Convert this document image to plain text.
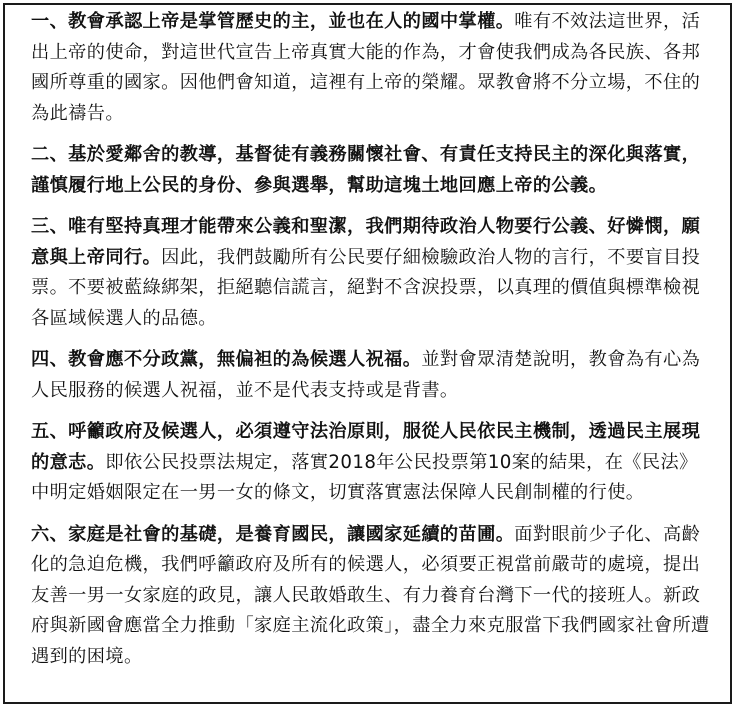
一、教會承認上帝是掌管歷史的主，並也在人的國中掌權。唯有不效法這世界，活出上帝的使命，對這世代宣告上帝真實大能的作為，才會使我們成為各民族、各邦國所尊重的國家。因他們會知道，這裡有上帝的榮耀。眾教會將不分立場，不住的為此禱告。

二、基於愛鄰舍的教導，基督徒有義務關懷社會、有責任支持民主的深化與落實，謹慎履行地上公民的身份、參與選舉，幫助這塊土地回應上帝的公義。

三、唯有堅持真理才能帶來公義和聖潔，我們期待政治人物要行公義、好憐憫，願意與上帝同行。因此，我們鼓勵所有公民要仔細檢驗政治人物的言行，不要盲目投票。不要被藍綠綁架，拒絕聽信謊言，絕對不含淚投票，以真理的價值與標準檢視各區域候選人的品德。

四、教會應不分政黨，無偏袒的為候選人祝福。並對會眾清楚說明，教會為有心為人民服務的候選人祝福，並不是代表支持或是背書。

五、呼籲政府及候選人，必須遵守法治原則，服從人民依民主機制，透過民主展現的意志。即依公民投票法規定，落實2018年公民投票第10案的結果，在《民法》中明定婚姻限定在一男一女的條文，切實落實憲法保障人民創制權的行使。

六、家庭是社會的基礎，是養育國民，讓國家延續的苗圃。面對眼前少子化、高齡化的急迫危機，我們呼籲政府及所有的候選人，必須要正視當前嚴苛的處境，提出友善一男一女家庭的政見，讓人民敢婚敢生、有力養育台灣下一代的接班人。新政府與新國會應當全力推動「家庭主流化政策」，盡全力來克服當下我們國家社會所遭遇到的困境。
